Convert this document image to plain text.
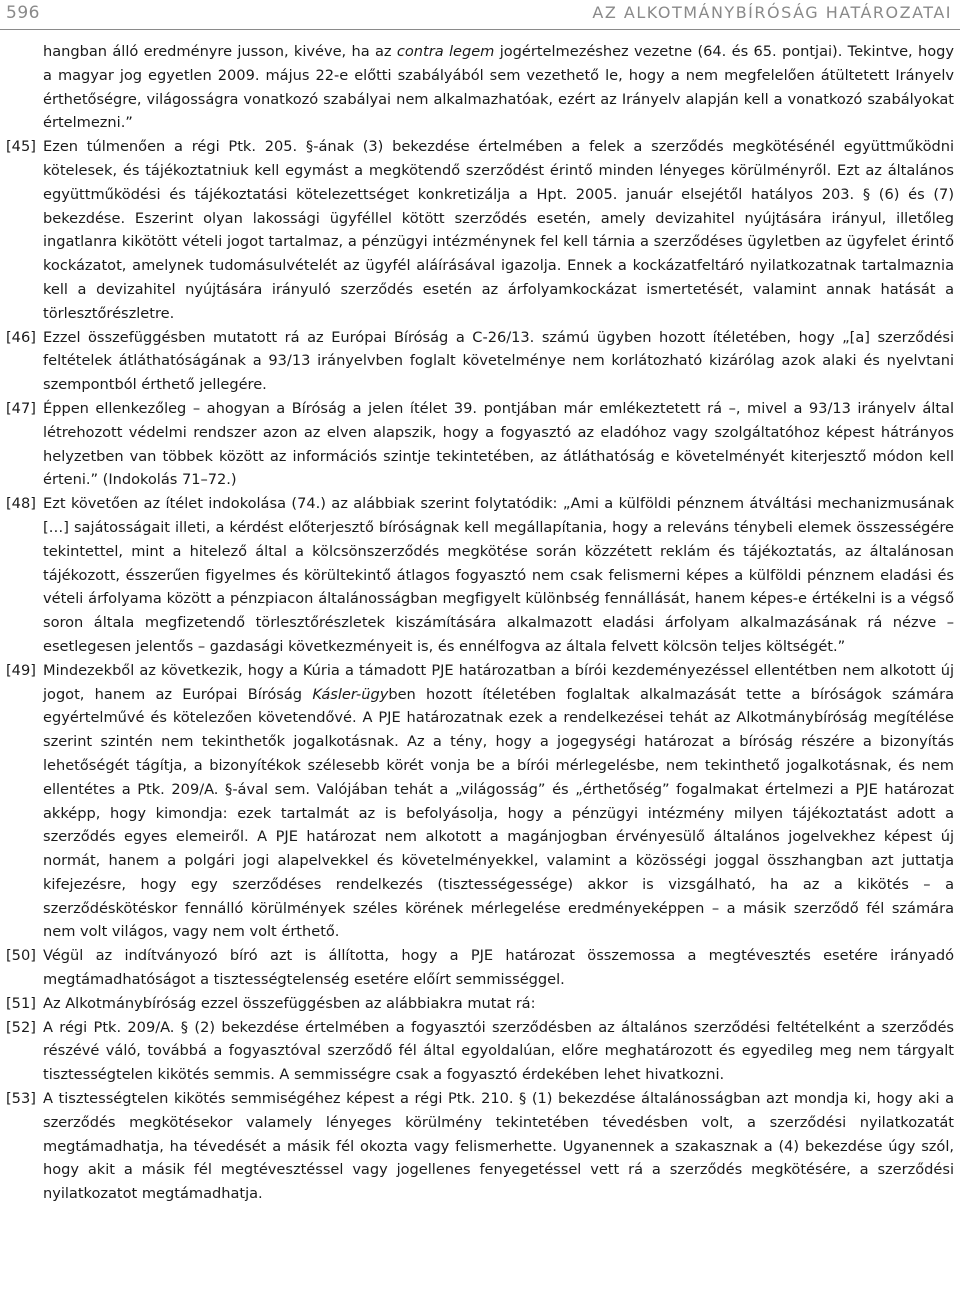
596	AZ ALKOTMÁNYBÍRÓSÁG HATÁROZATAI
hangban álló eredményre jusson, kivéve, ha az contra legem jogértelmezéshez vezetne (64. és 65. pontjai). Tekintve, hogy a magyar jog egyetlen 2009. május 22-e előtti szabályából sem vezethető le, hogy a nem megfelelően átültetett Irányelv érthetőségre, világosságra vonatkozó szabályai nem alkalmazhatóak, ezért az Irányelv alapján kell a vonatkozó szabályokat értelmezni.”
[45] Ezen túlmenően a régi Ptk. 205. §-ának (3) bekezdése értelmében a felek a szerződés megkötésénél együttműködni kötelesek, és tájékoztatniuk kell egymást a megkötendő szerződést érintő minden lényeges körülményről. Ezt az általános együttműködési és tájékoztatási kötelezettséget konkretizálja a Hpt. 2005. január elsejétől hatályos 203. § (6) és (7) bekezdése. Eszerint olyan lakossági ügyféllel kötött szerződés esetén, amely devizahitel nyújtására irányul, illetőleg ingatlanra kikötött vételi jogot tartalmaz, a pénzügyi intézménynek fel kell tárnia a szerződéses ügyletben az ügyfelet érintő kockázatot, amelynek tudomásulvételét az ügyfél aláírásával igazolja. Ennek a kockázatfeltáró nyilatkozatnak tartalmaznia kell a devizahitel nyújtására irányuló szerződés esetén az árfolyamkockázat ismertetését, valamint annak hatását a törlesztőrészletre.
[46] Ezzel összefüggésben mutatott rá az Európai Bíróság a C-26/13. számú ügyben hozott ítéletében, hogy „[a] szerződési feltételek átláthatóságának a 93/13 irányelvben foglalt követelménye nem korlátozható kizárólag azok alaki és nyelvtani szempontból érthető jellegére.
[47] Éppen ellenkezőleg – ahogyan a Bíróság a jelen ítélet 39. pontjában már emlékeztetett rá –, mivel a 93/13 irányelv által létrehozott védelmi rendszer azon az elven alapszik, hogy a fogyasztó az eladóhoz vagy szolgáltatóhoz képest hátrányos helyzetben van többek között az információs szintje tekintetében, az átláthatóság e követelményét kiterjesztő módon kell érteni.” (Indokolás 71–72.)
[48] Ezt követően az ítélet indokolása (74.) az alábbiak szerint folytatódik: „Ami a külföldi pénznem átváltási mechanizmusának […] sajátosságait illeti, a kérdést előterjesztő bíróságnak kell megállapítania, hogy a releváns ténybeli elemek összességére tekintettel, mint a hitelező által a kölcsönszerződés megkötése során közzétett reklám és tájékoztatás, az általánosan tájékozott, ésszerűen figyelmes és körültekintő átlagos fogyasztó nem csak felismerni képes a külföldi pénznem eladási és vételi árfolyama között a pénzpiacon általánosságban megfigyelt különbség fennállását, hanem képes-e értékelni is a végső soron általa megfizetendő törlesztőrészletek kiszámítására alkalmazott eladási árfolyam alkalmazásának rá nézve – esetlegesen jelentős – gazdasági következményeit is, és ennélfogva az általa felvett kölcsön teljes költségét.”
[49] Mindezekből az következik, hogy a Kúria a támadott PJE határozatban a bírói kezdeményezéssel ellentétben nem alkotott új jogot, hanem az Európai Bíróság Kásler-ügyben hozott ítéletében foglaltak alkalmazását tette a bíróságok számára egyértelművé és kötelezően követendővé. A PJE határozatnak ezek a rendelkezései tehát az Alkotmánybíróság megítélése szerint szintén nem tekinthetők jogalkotásnak. Az a tény, hogy a jogegységi határozat a bíróság részére a bizonyítás lehetőségét tágítja, a bizonyítékok szélesebb körét vonja be a bírói mérlegelésbe, nem tekinthető jogalkotásnak, és nem ellentétes a Ptk. 209/A. §-ával sem. Valójában tehát a „világosság” és „érthetőség” fogalmakat értelmezi a PJE határozat akképp, hogy kimondja: ezek tartalmát az is befolyásolja, hogy a pénzügyi intézmény milyen tájékoztatást adott a szerződés egyes elemeiről. A PJE határozat nem alkotott a magánjogban érvényesülő általános jogelvekhez képest új normát, hanem a polgári jogi alapelvekkel és követelményekkel, valamint a közösségi joggal összhangban azt juttatja kifejezésre, hogy egy szerződéses rendelkezés (tisztességessége) akkor is vizsgálható, ha az a kikötés – a szerződéskötéskor fennálló körülmények széles körének mérlegelése eredményeképpen – a másik szerződő fél számára nem volt világos, vagy nem volt érthető.
[50] Végül az indítványozó bíró azt is állította, hogy a PJE határozat összemossa a megtévesztés esetére irányadó megtámadhatóságot a tisztességtelenség esetére előírt semmisséggel.
[51] Az Alkotmánybíróság ezzel összefüggésben az alábbiakra mutat rá:
[52] A régi Ptk. 209/A. § (2) bekezdése értelmében a fogyasztói szerződésben az általános szerződési feltételként a szerződés részévé váló, továbbá a fogyasztóval szerződő fél által egyoldalúan, előre meghatározott és egyedileg meg nem tárgyalt tisztességtelen kikötés semmis. A semmisségre csak a fogyasztó érdekében lehet hivatkozni.
[53] A tisztességtelen kikötés semmiségéhez képest a régi Ptk. 210. § (1) bekezdése általánosságban azt mondja ki, hogy aki a szerződés megkötésekor valamely lényeges körülmény tekintetében tévedésben volt, a szerződési nyilatkozatát megtámadhatja, ha tévedését a másik fél okozta vagy felismerhette. Ugyanennek a szakasznak a (4) bekezdése úgy szól, hogy akit a másik fél megtévesztéssel vagy jogellenes fenyegetéssel vett rá a szerződés megkötésére, a szerződési nyilatkozatot megtámadhatja.
